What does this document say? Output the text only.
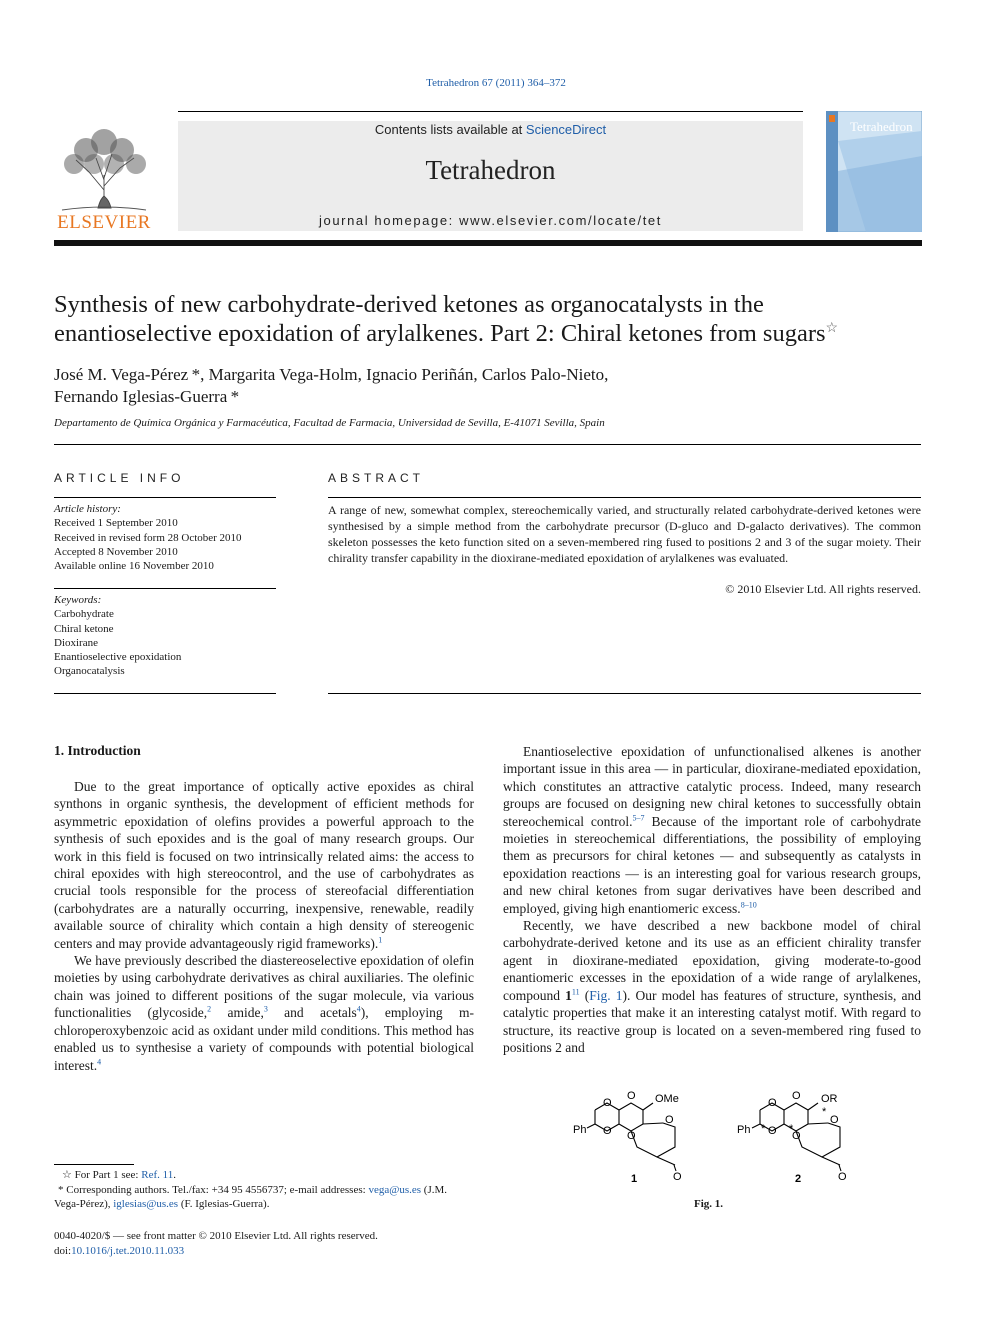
Tetrahedron 67 (2011) 364–372
Contents lists available at ScienceDirect
Tetrahedron
journal homepage: www.elsevier.com/locate/tet
ELSEVIER
Tetrahedron
Synthesis of new carbohydrate-derived ketones as organocatalysts in the
enantioselective epoxidation of arylalkenes. Part 2: Chiral ketones from sugars☆
José M. Vega-Pérez *, Margarita Vega-Holm, Ignacio Periñán, Carlos Palo-Nieto,
Fernando Iglesias-Guerra *
Departamento de Química Orgánica y Farmacéutica, Facultad de Farmacia, Universidad de Sevilla, E-41071 Sevilla, Spain
ARTICLE INFO
Article history:
Received 1 September 2010
Received in revised form 28 October 2010
Accepted 8 November 2010
Available online 16 November 2010
Keywords:
Carbohydrate
Chiral ketone
Dioxirane
Enantioselective epoxidation
Organocatalysis
ABSTRACT
A range of new, somewhat complex, stereochemically varied, and structurally related carbohydrate-derived ketones were synthesised by a simple method from the carbohydrate precursor (D-gluco and D-galacto derivatives). The common skeleton possesses the keto function sited on a seven-membered ring fused to positions 2 and 3 of the sugar moiety. Their chirality transfer capability in the dioxirane-mediated epoxidation of arylalkenes was evaluated.
© 2010 Elsevier Ltd. All rights reserved.
1. Introduction

Due to the great importance of optically active epoxides as chiral synthons in organic synthesis, the development of efficient methods for asymmetric epoxidation of olefins provides a powerful approach to the synthesis of such epoxides and is the goal of many research groups. Our work in this field is focused on two intrinsically related aims: the access to chiral epoxides with high stereocontrol, and the use of carbohydrates as crucial tools responsible for the process of stereofacial differentiation (carbohydrates are a naturally occurring, inexpensive, renewable, readily available source of chirality which contain a high density of stereogenic centers and may provide advantageously rigid frameworks).$^1$

We have previously described the diastereoselective epoxidation of olefin moieties by using carbohydrate derivatives as chiral auxiliaries. The olefinic chain was joined to different positions of the sugar molecule, via various functionalities (glycoside,$^2$ amide,$^3$ and acetals$^4$), employing m-chloroperoxybenzoic acid as oxidant under mild conditions. This method has enabled us to synthesise a variety of compounds with potential biological interest.$^4$

Enantioselective epoxidation of unfunctionalised alkenes is another important issue in this area — in particular, dioxirane-mediated epoxidation, which constitutes an attractive catalytic process. Indeed, many research groups are focused on designing new chiral ketones to successfully obtain stereochemical control.$^{5-7}$ Because of the important role of carbohydrate moieties in stereochemical differentiations, the possibility of employing them as precursors for chiral ketones — and subsequently as catalysts in epoxidation reactions — is an interesting goal for various research groups, and new chiral ketones from sugar derivatives have been described and employed, giving high enantiomeric excess.$^{8-10}$

Recently, we have described a new backbone model of chiral carbohydrate-derived ketone and its use as an efficient chirality transfer agent in dioxirane-mediated epoxidation, giving moderate-to-good enantiomeric excesses in the epoxidation of a wide range of arylalkenes, compound $1^{11}$ (Fig. 1). Our model has features of structure, synthesis, and catalytic properties that make it an interesting catalyst motif. With regard to structure, its reactive group is located on a seven-membered ring fused to positions 2 and

O
O
O
OMe
Ph	O
O
O
1
O
O
O
OR
Ph	O
O
O
*
* *
2
Fig. 1.
☆ For Part 1 see: Ref. 11.
* Corresponding authors. Tel./fax: +34 95 4556737; e-mail addresses: vega@us.es (J.M. Vega-Pérez), iglesias@us.es (F. Iglesias-Guerra).
0040-4020/$ — see front matter © 2010 Elsevier Ltd. All rights reserved.
doi:10.1016/j.tet.2010.11.033
